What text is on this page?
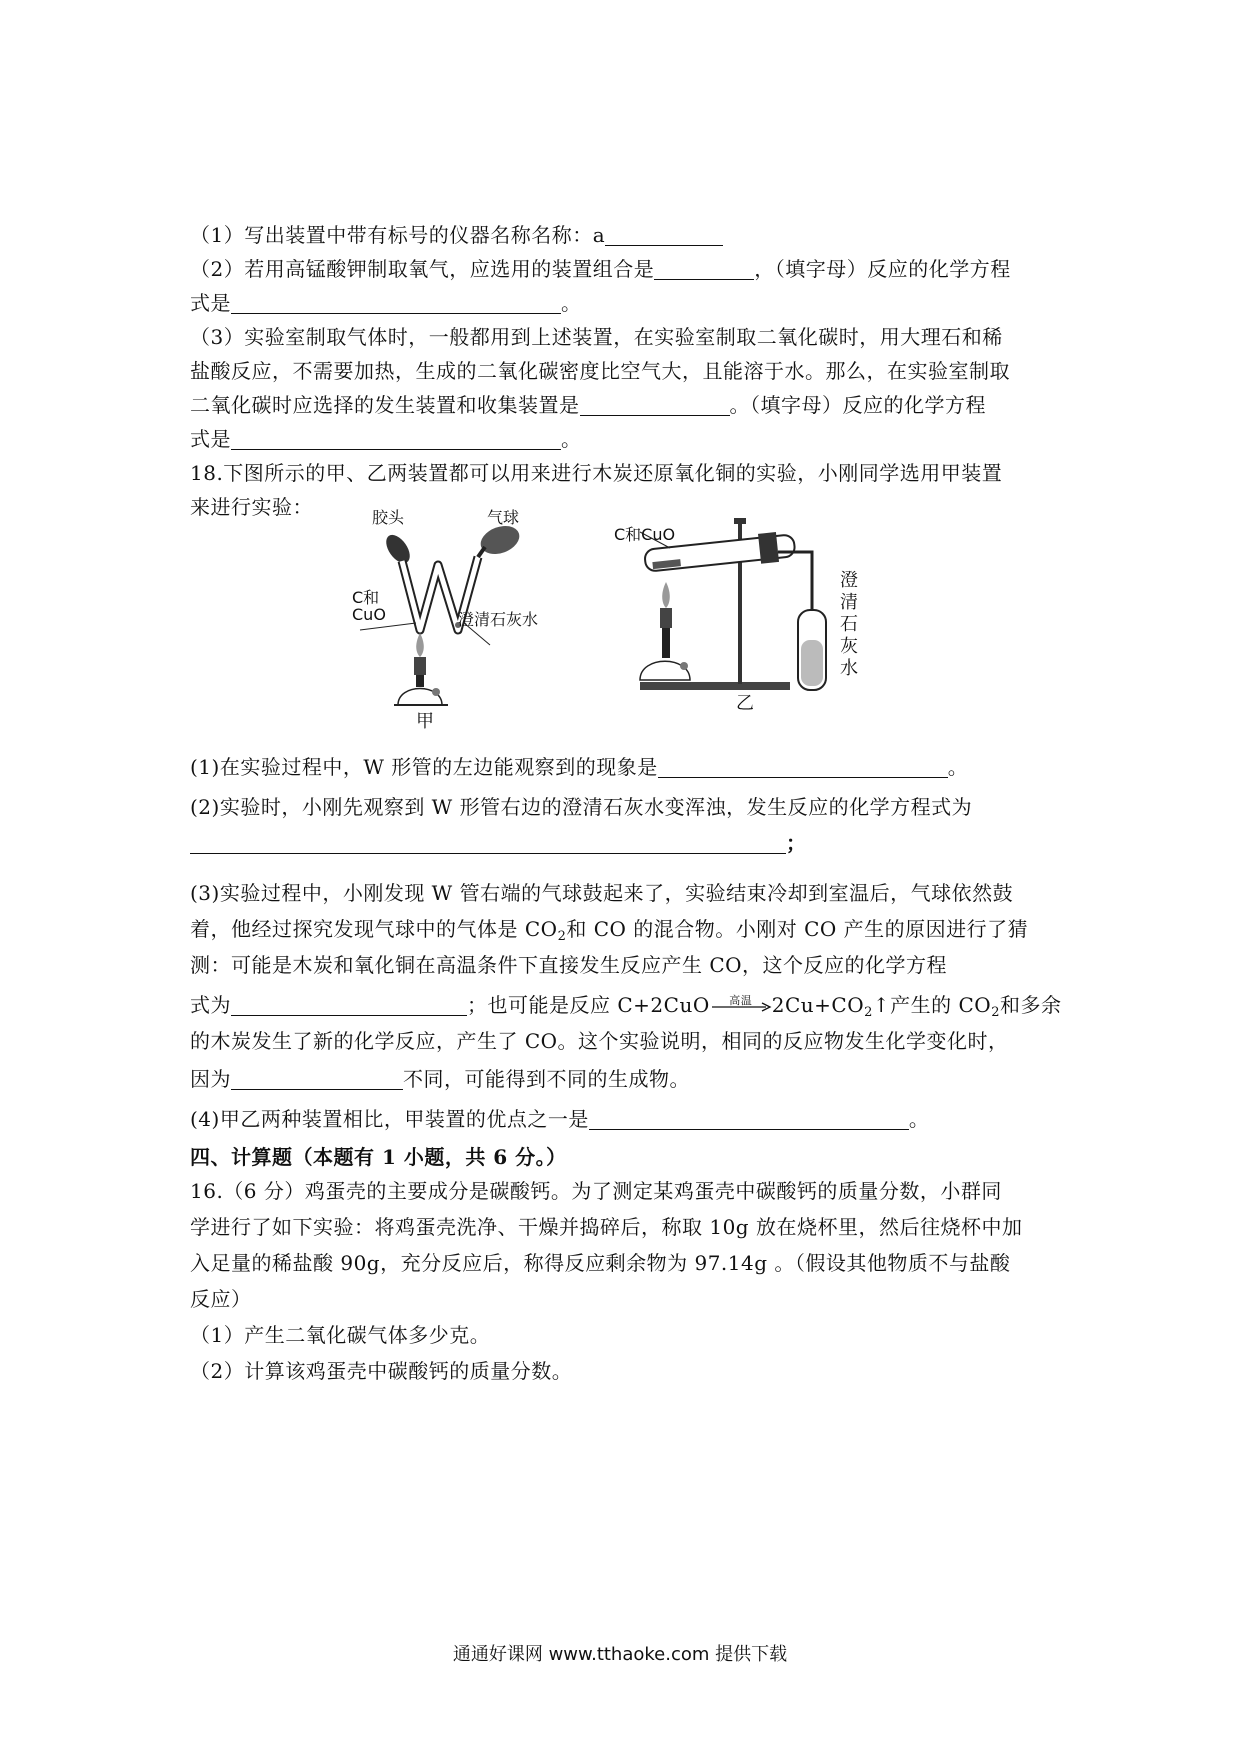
（1）写出装置中带有标号的仪器名称名称：a
（2）若用高锰酸钾制取氧气，应选用的装置组合是	，（填字母）反应的化学方程
式是	。
（3）实验室制取气体时，一般都用到上述装置，在实验室制取二氧化碳时，用大理石和稀
盐酸反应，不需要加热，生成的二氧化碳密度比空气大，且能溶于水。那么，在实验室制取
二氧化碳时应选择的发生装置和收集装置是	。（填字母）反应的化学方程
式是	。
18.下图所示的甲、乙两装置都可以用来进行木炭还原氧化铜的实验，小刚同学选用甲装置
来进行实验：	胶头	气球
C和
CuO	澄清石灰水
甲
C和CuO
澄
清
石
灰
水
乙
(1)在实验过程中，W 形管的左边能观察到的现象是	。
(2)实验时，小刚先观察到 W 形管右边的澄清石灰水变浑浊，发生反应的化学方程式为
；
(3)实验过程中，小刚发现 W 管右端的气球鼓起来了，实验结束冷却到室温后，气球依然鼓
着，他经过探究发现气球中的气体是 $CO_2$和 CO 的混合物。小刚对 CO 产生的原因进行了猜
测：可能是木炭和氧化铜在高温条件下直接发生反应产生 CO，这个反应的化学方程
式为	；也可能是反应 C+2CuO	高温 $2Cu+CO_2↑$产生的 $CO_2$和多余
的木炭发生了新的化学反应，产生了 CO。这个实验说明，相同的反应物发生化学变化时，
因为	不同，可能得到不同的生成物。
(4)甲乙两种装置相比，甲装置的优点之一是	。
四、计算题（本题有 1 小题，共 6 分。）
16.（6 分）鸡蛋壳的主要成分是碳酸钙。为了测定某鸡蛋壳中碳酸钙的质量分数，小群同
学进行了如下实验：将鸡蛋壳洗净、干燥并捣碎后，称取 10g 放在烧杯里，然后往烧杯中加
入足量的稀盐酸 90g，充分反应后，称得反应剩余物为 97.14g 。（假设其他物质不与盐酸
反应）
（1）产生二氧化碳气体多少克。
（2）计算该鸡蛋壳中碳酸钙的质量分数。
通通好课网 www.tthaoke.com 提供下载
